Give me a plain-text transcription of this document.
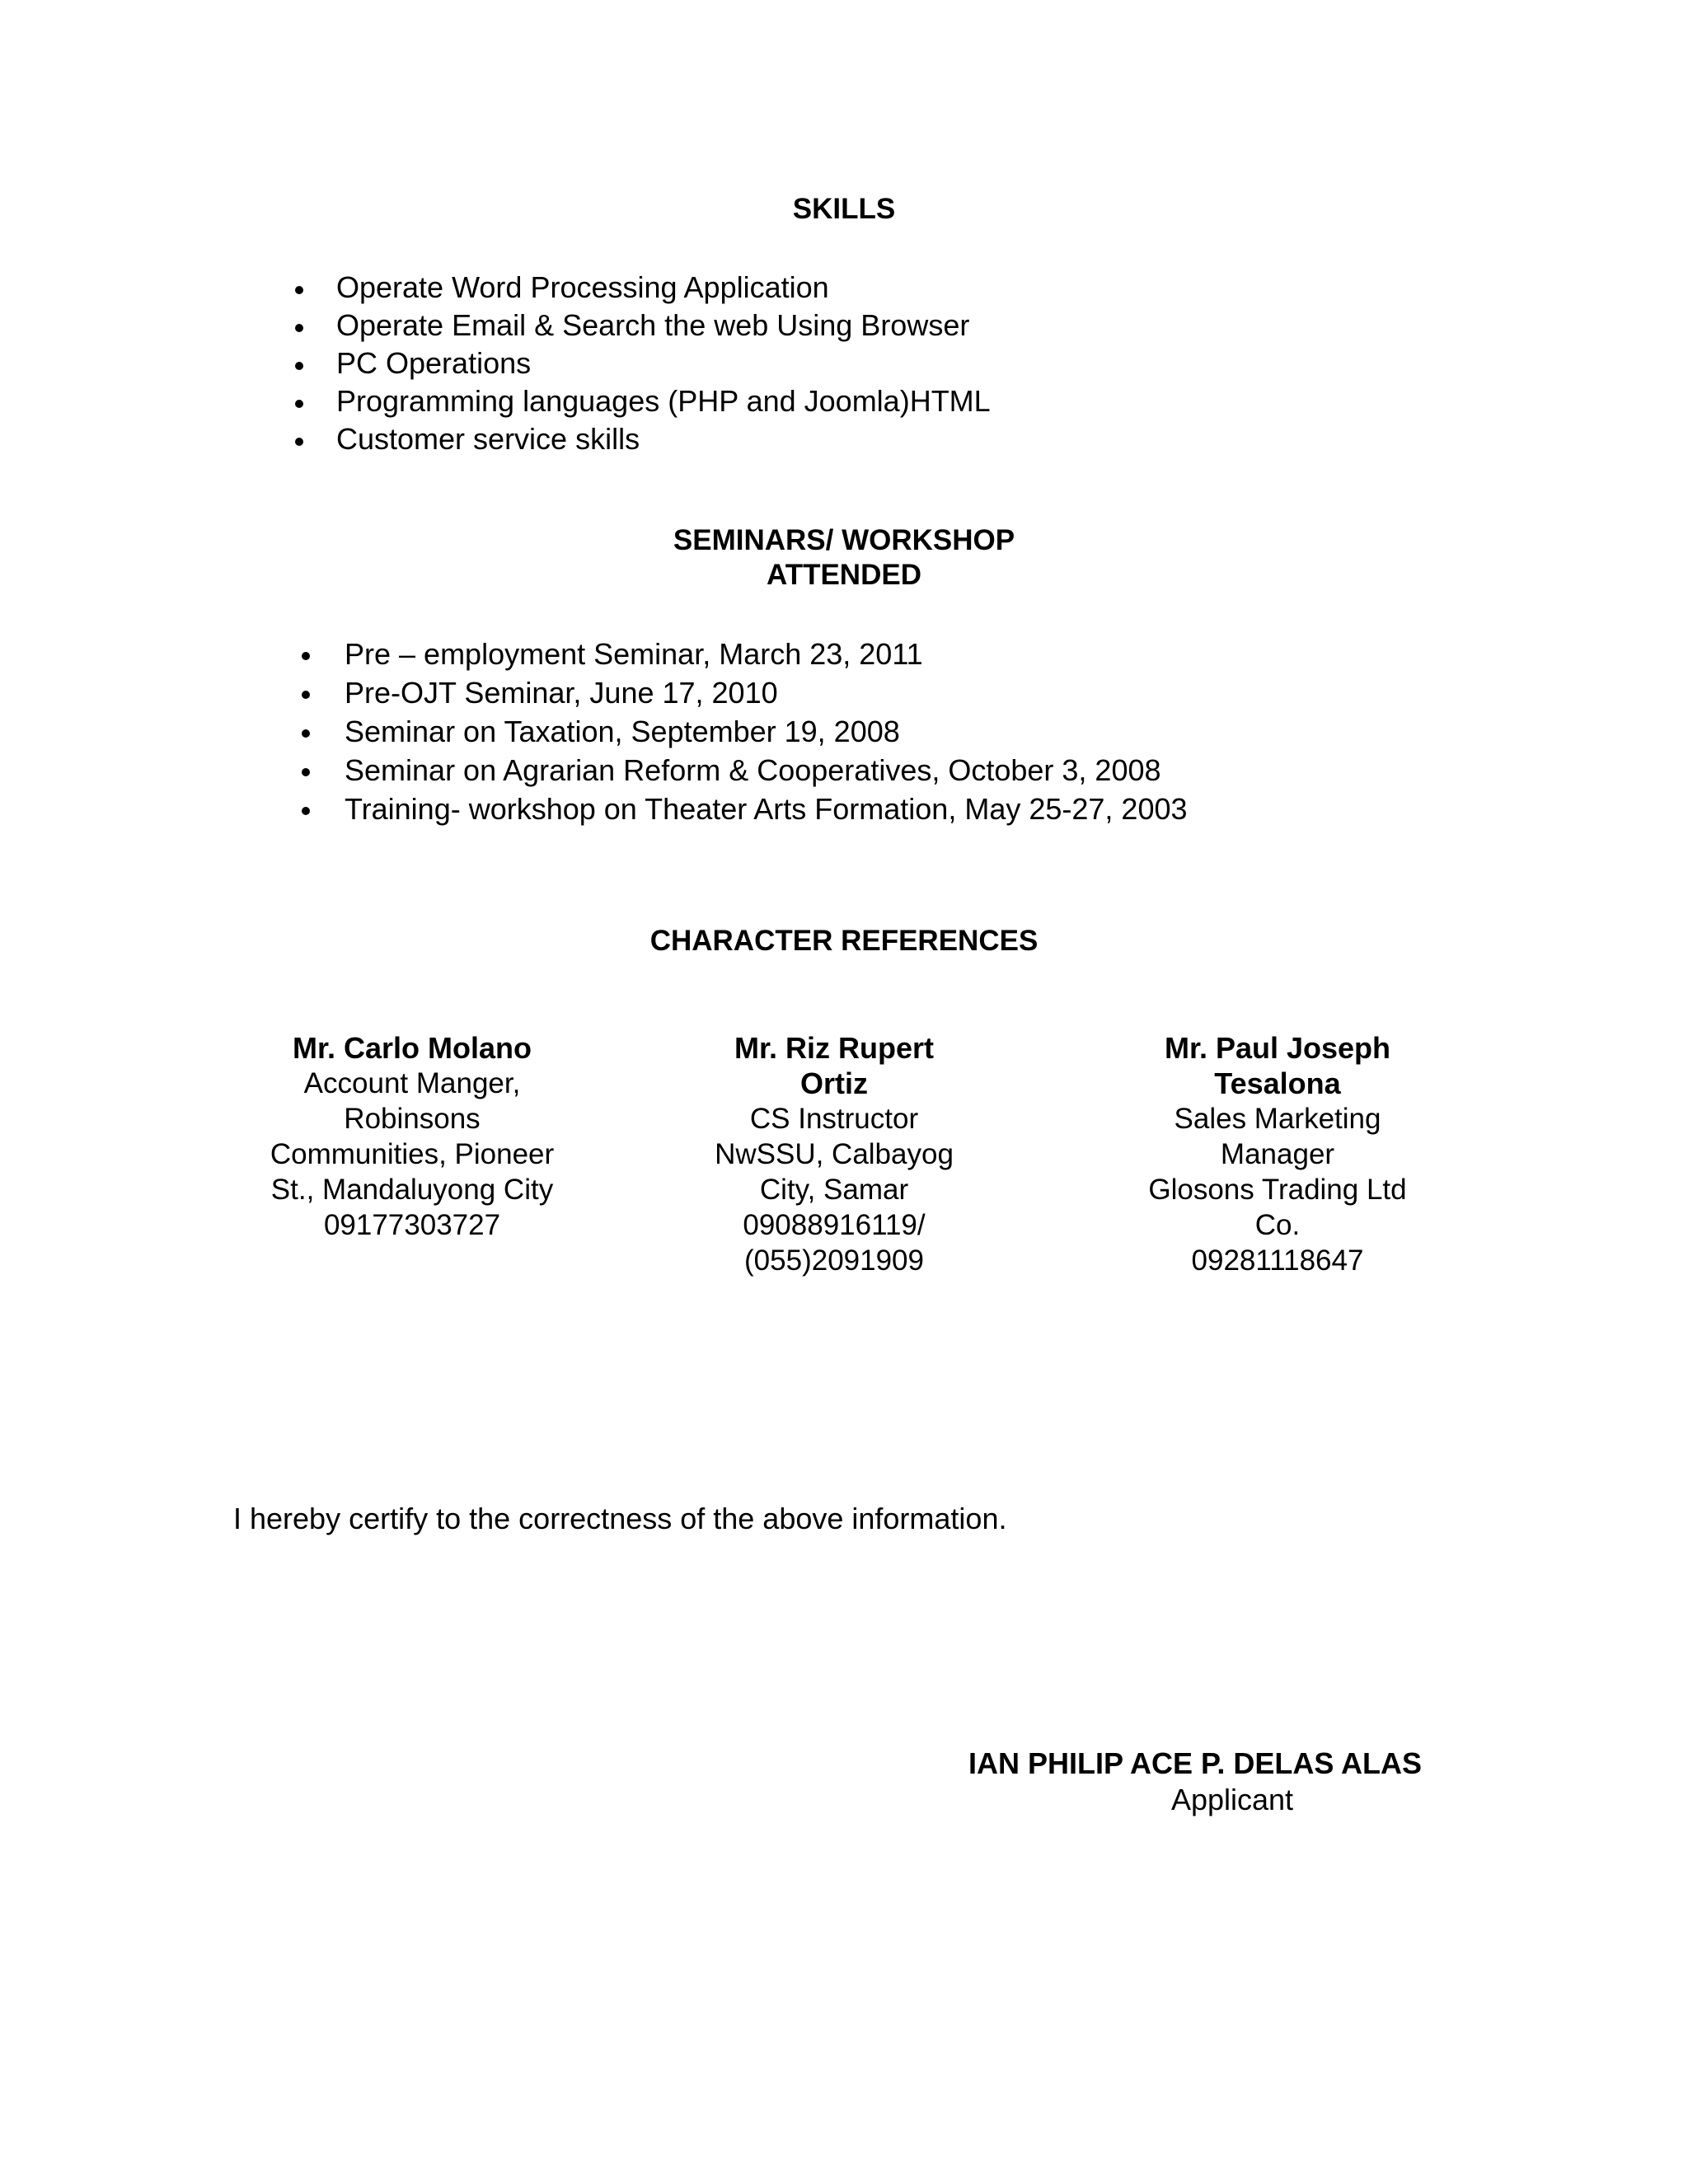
SKILLS
Operate Word Processing Application
Operate Email & Search the web Using Browser
PC Operations
Programming languages (PHP and Joomla)HTML
Customer service skills
SEMINARS/ WORKSHOP
ATTENDED
Pre – employment Seminar, March 23, 2011
Pre-OJT Seminar, June 17, 2010
Seminar on Taxation, September 19, 2008
Seminar on Agrarian Reform & Cooperatives, October 3, 2008
Training- workshop on Theater Arts Formation, May 25-27, 2003
CHARACTER REFERENCES
Mr. Carlo Molano
Account Manger,
Robinsons
Communities, Pioneer
St., Mandaluyong City
09177303727
Mr. Riz Rupert
Ortiz
CS Instructor
NwSSU, Calbayog
City, Samar
09088916119/
(055)2091909
Mr. Paul Joseph
Tesalona
Sales Marketing
Manager
Glosons Trading Ltd
Co.
09281118647
I hereby certify to the correctness of the above information.
IAN PHILIP ACE P. DELAS ALAS
Applicant
